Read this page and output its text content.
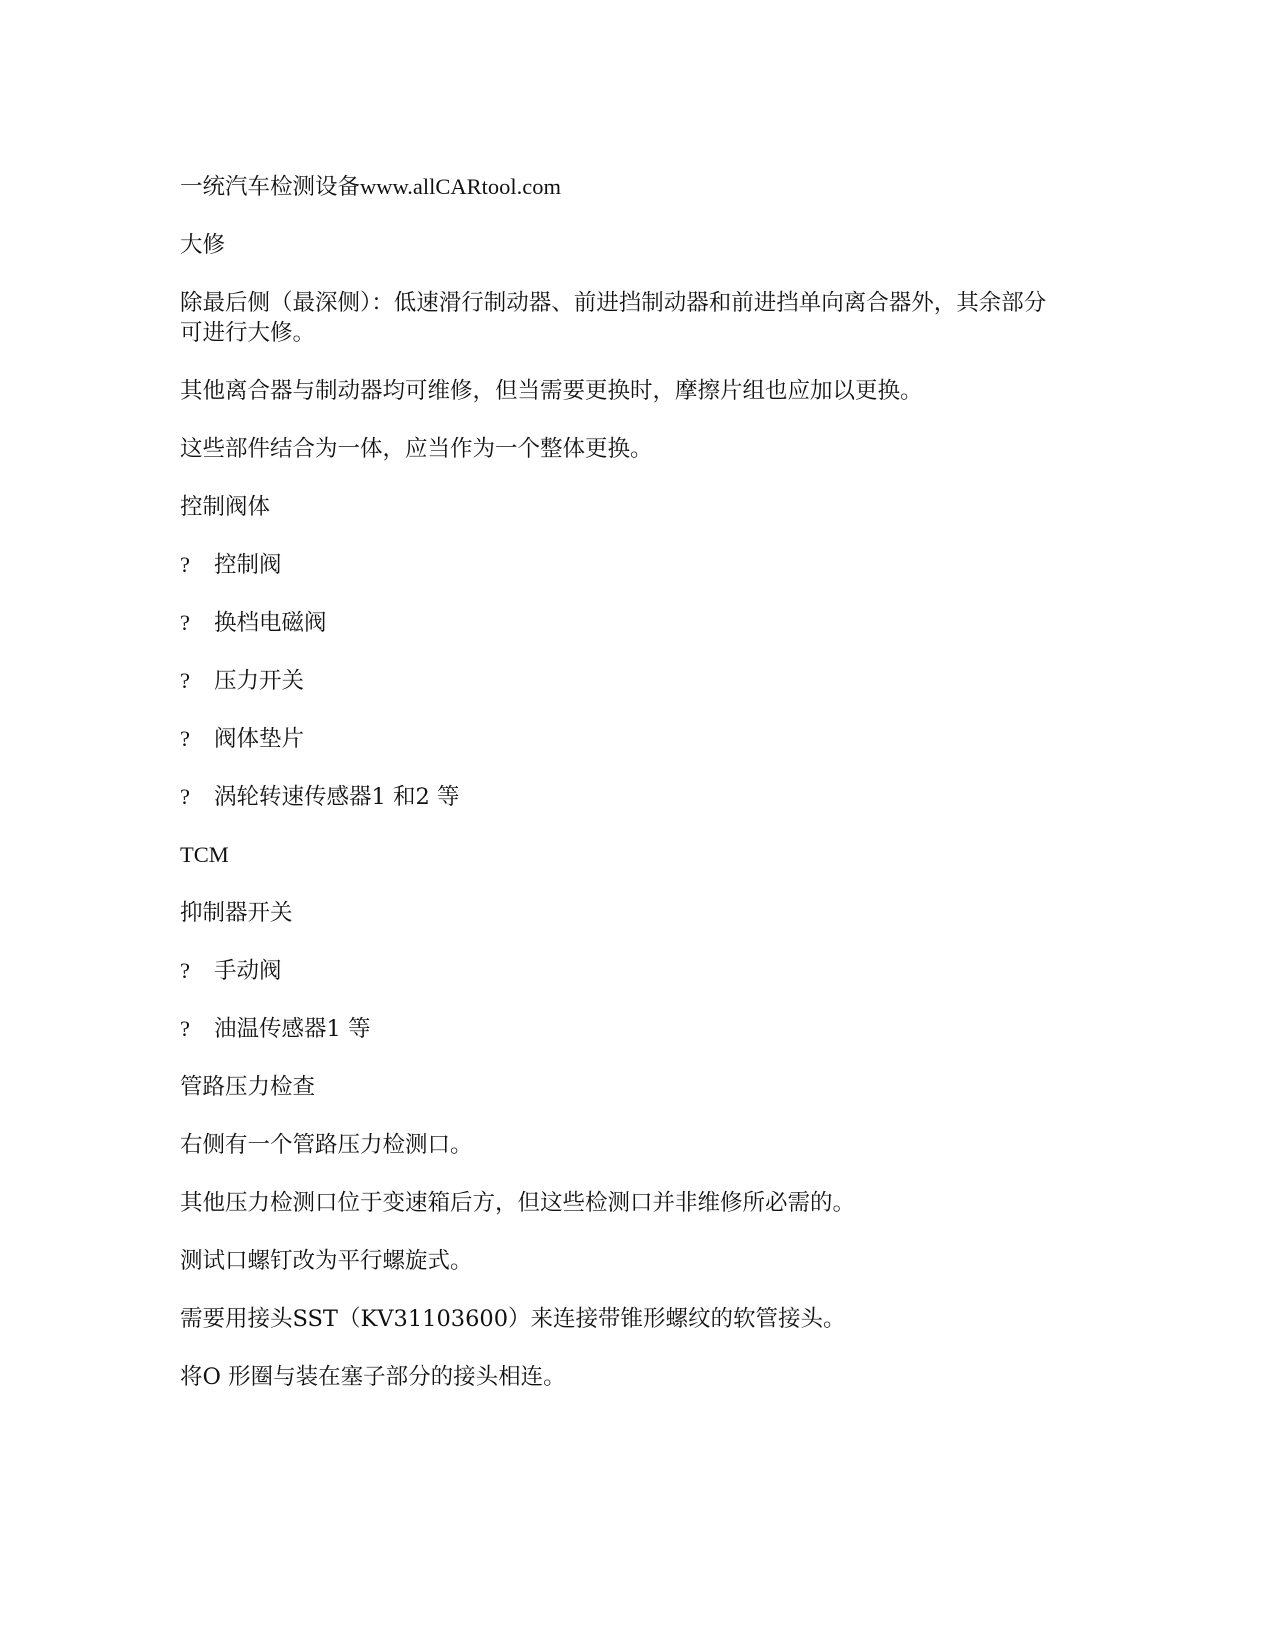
一统汽车检测设备www.allCARtool.com

大修

除最后侧（最深侧）：低速滑行制动器、前进挡制动器和前进挡单向离合器外，其余部分可进行大修。

其他离合器与制动器均可维修，但当需要更换时，摩擦片组也应加以更换。

这些部件结合为一体，应当作为一个整体更换。

控制阀体

?	控制阀
?	换档电磁阀
?	压力开关
?	阀体垫片
?	涡轮转速传感器1 和2 等

TCM

抑制器开关

?	手动阀
?	油温传感器1 等

管路压力检查

右侧有一个管路压力检测口。

其他压力检测口位于变速箱后方，但这些检测口并非维修所必需的。

测试口螺钉改为平行螺旋式。

需要用接头SST（KV31103600）来连接带锥形螺纹的软管接头。

将O 形圈与装在塞子部分的接头相连。
